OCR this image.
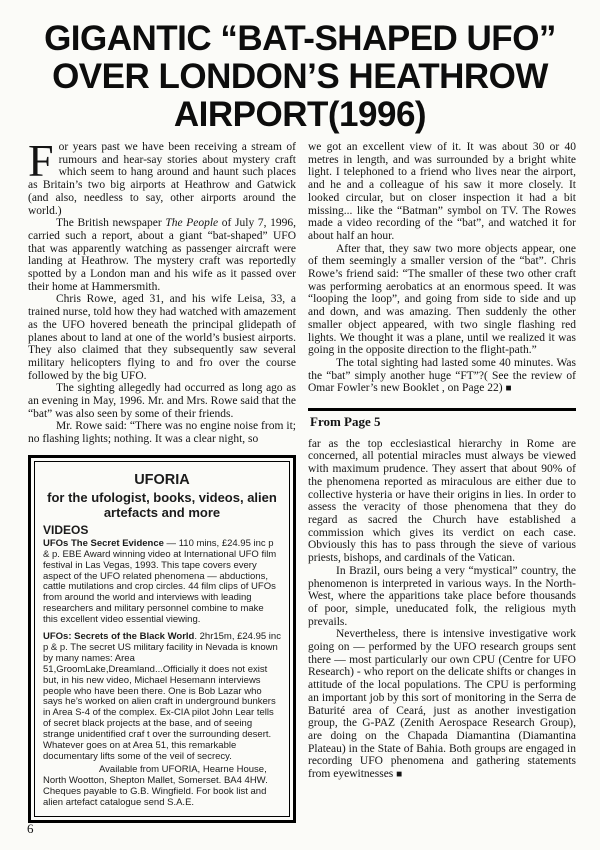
GIGANTIC “BAT-SHAPED UFO”
OVER LONDON’S HEATHROW
AIRPORT(1996)

For years past we have been receiving a stream of rumours and hear-say stories about mystery craft which seem to hang around and haunt such places as Britain’s two big airports at Heathrow and Gatwick (and also, needless to say, other airports around the world.)

The British newspaper The People of July 7, 1996, carried such a report, about a giant “bat-shaped” UFO that was apparently watching as passenger aircraft were landing at Heathrow. The mystery craft was reportedly spotted by a London man and his wife as it passed over their home at Hammersmith.

Chris Rowe, aged 31, and his wife Leisa, 33, a trained nurse, told how they had watched with amazement as the UFO hovered beneath the principal glidepath of planes about to land at one of the world’s busiest airports. They also claimed that they subsequently saw several military helicopters flying to and fro over the course followed by the big UFO.

The sighting allegedly had occurred as long ago as an evening in May, 1996. Mr. and Mrs. Rowe said that the “bat” was also seen by some of their friends.

Mr. Rowe said: “There was no engine noise from it; no flashing lights; nothing. It was a clear night, so

UFORIA
for the ufologist, books, videos, alien artefacts and more
VIDEOS
UFOs The Secret Evidence — 110 mins, £24.95 inc p & p. EBE Award winning video at International UFO film festival in Las Vegas, 1993. This tape covers every aspect of the UFO related phenomena — abductions, cattle mutilations and crop circles. 44 film clips of UFOs from around the world and interviews with leading researchers and military personnel combine to make this excellent video essential viewing.
UFOs: Secrets of the Black World. 2hr15m, £24.95 inc p & p. The secret US military facility in Nevada is known by many names: Area 51,GroomLake,Dreamland...Officially it does not exist but, in his new video, Michael Hesemann interviews people who have been there. One is Bob Lazar who says he’s worked on alien craft in underground bunkers in Area S-4 of the complex. Ex-CIA pilot John Lear tells of secret black projects at the base, and of seeing strange unidentified craf t over the surrounding desert. Whatever goes on at Area 51, this remarkable documentary lifts some of the veil of secrecy.
Available from UFORIA, Hearne House, North Wootton, Shepton Mallet, Somerset. BA4 4HW. Cheques payable to G.B. Wingfield. For book list and alien artefact catalogue send S.A.E.

we got an excellent view of it. It was about 30 or 40 metres in length, and was surrounded by a bright white light. I telephoned to a friend who lives near the airport, and he and a colleague of his saw it more closely. It looked circular, but on closer inspection it had a bit missing... like the “Batman” symbol on TV. The Rowes made a video recording of the “bat”, and watched it for about half an hour.

After that, they saw two more objects appear, one of them seemingly a smaller version of the “bat”. Chris Rowe’s friend said: “The smaller of these two other craft was performing aerobatics at an enormous speed. It was “looping the loop”, and going from side to side and up and down, and was amazing. Then suddenly the other smaller object appeared, with two single flashing red lights. We thought it was a plane, until we realized it was going in the opposite direction to the flight-path.”

The total sighting had lasted some 40 minutes. Was the “bat” simply another huge “FT”?( See the review of Omar Fowler’s new Booklet , on Page 22) ■

From Page 5

far as the top ecclesiastical hierarchy in Rome are concerned, all potential miracles must always be viewed with maximum prudence. They assert that about 90% of the phenomena reported as miraculous are either due to collective hysteria or have their origins in lies. In order to assess the veracity of those phenomena that they do regard as sacred the Church have established a commission which gives its verdict on each case. Obviously this has to pass through the sieve of various priests, bishops, and cardinals of the Vatican.

In Brazil, ours being a very “mystical” country, the phenomenon is interpreted in various ways. In the North-West, where the apparitions take place before thousands of poor, simple, uneducated folk, the religious myth prevails.

Nevertheless, there is intensive investigative work going on — performed by the UFO research groups sent there — most particularly our own CPU (Centre for UFO Research) - who report on the delicate shifts or changes in attitude of the local populations. The CPU is performing an important job by this sort of monitoring in the Serra de Baturité area of Ceará, just as another investigation group, the G-PAZ (Zenith Aerospace Research Group), are doing on the Chapada Diamantina (Diamantina Plateau) in the State of Bahia. Both groups are engaged in recording UFO phenomena and gathering statements from eyewitnesses ■

6
